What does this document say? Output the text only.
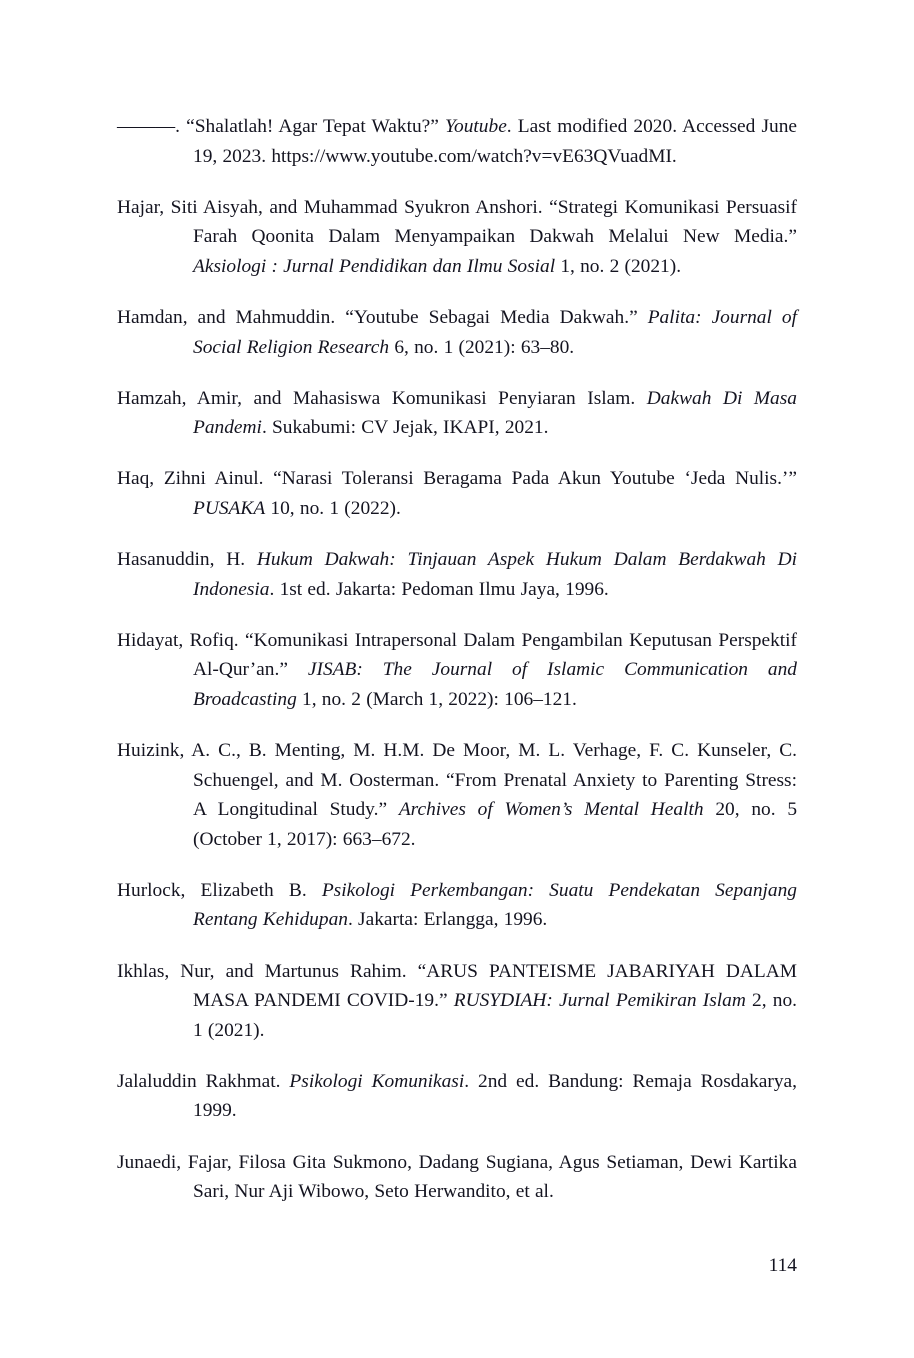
———. “Shalatlah! Agar Tepat Waktu?” Youtube. Last modified 2020. Accessed June 19, 2023. https://www.youtube.com/watch?v=vE63QVuadMI.

Hajar, Siti Aisyah, and Muhammad Syukron Anshori. “Strategi Komunikasi Persuasif Farah Qoonita Dalam Menyampaikan Dakwah Melalui New Media.” Aksiologi : Jurnal Pendidikan dan Ilmu Sosial 1, no. 2 (2021).

Hamdan, and Mahmuddin. “Youtube Sebagai Media Dakwah.” Palita: Journal of Social Religion Research 6, no. 1 (2021): 63–80.

Hamzah, Amir, and Mahasiswa Komunikasi Penyiaran Islam. Dakwah Di Masa Pandemi. Sukabumi: CV Jejak, IKAPI, 2021.

Haq, Zihni Ainul. “Narasi Toleransi Beragama Pada Akun Youtube ‘Jeda Nulis.’” PUSAKA 10, no. 1 (2022).

Hasanuddin, H. Hukum Dakwah: Tinjauan Aspek Hukum Dalam Berdakwah Di Indonesia. 1st ed. Jakarta: Pedoman Ilmu Jaya, 1996.

Hidayat, Rofiq. “Komunikasi Intrapersonal Dalam Pengambilan Keputusan Perspektif Al-Qur’an.” JISAB: The Journal of Islamic Communication and Broadcasting 1, no. 2 (March 1, 2022): 106–121.

Huizink, A. C., B. Menting, M. H.M. De Moor, M. L. Verhage, F. C. Kunseler, C. Schuengel, and M. Oosterman. “From Prenatal Anxiety to Parenting Stress: A Longitudinal Study.” Archives of Women’s Mental Health 20, no. 5 (October 1, 2017): 663–672.

Hurlock, Elizabeth B. Psikologi Perkembangan: Suatu Pendekatan Sepanjang Rentang Kehidupan. Jakarta: Erlangga, 1996.

Ikhlas, Nur, and Martunus Rahim. “ARUS PANTEISME JABARIYAH DALAM MASA PANDEMI COVID-19.” RUSYDIAH: Jurnal Pemikiran Islam 2, no. 1 (2021).

Jalaluddin Rakhmat. Psikologi Komunikasi. 2nd ed. Bandung: Remaja Rosdakarya, 1999.

Junaedi, Fajar, Filosa Gita Sukmono, Dadang Sugiana, Agus Setiaman, Dewi Kartika Sari, Nur Aji Wibowo, Seto Herwandito, et al.

114
